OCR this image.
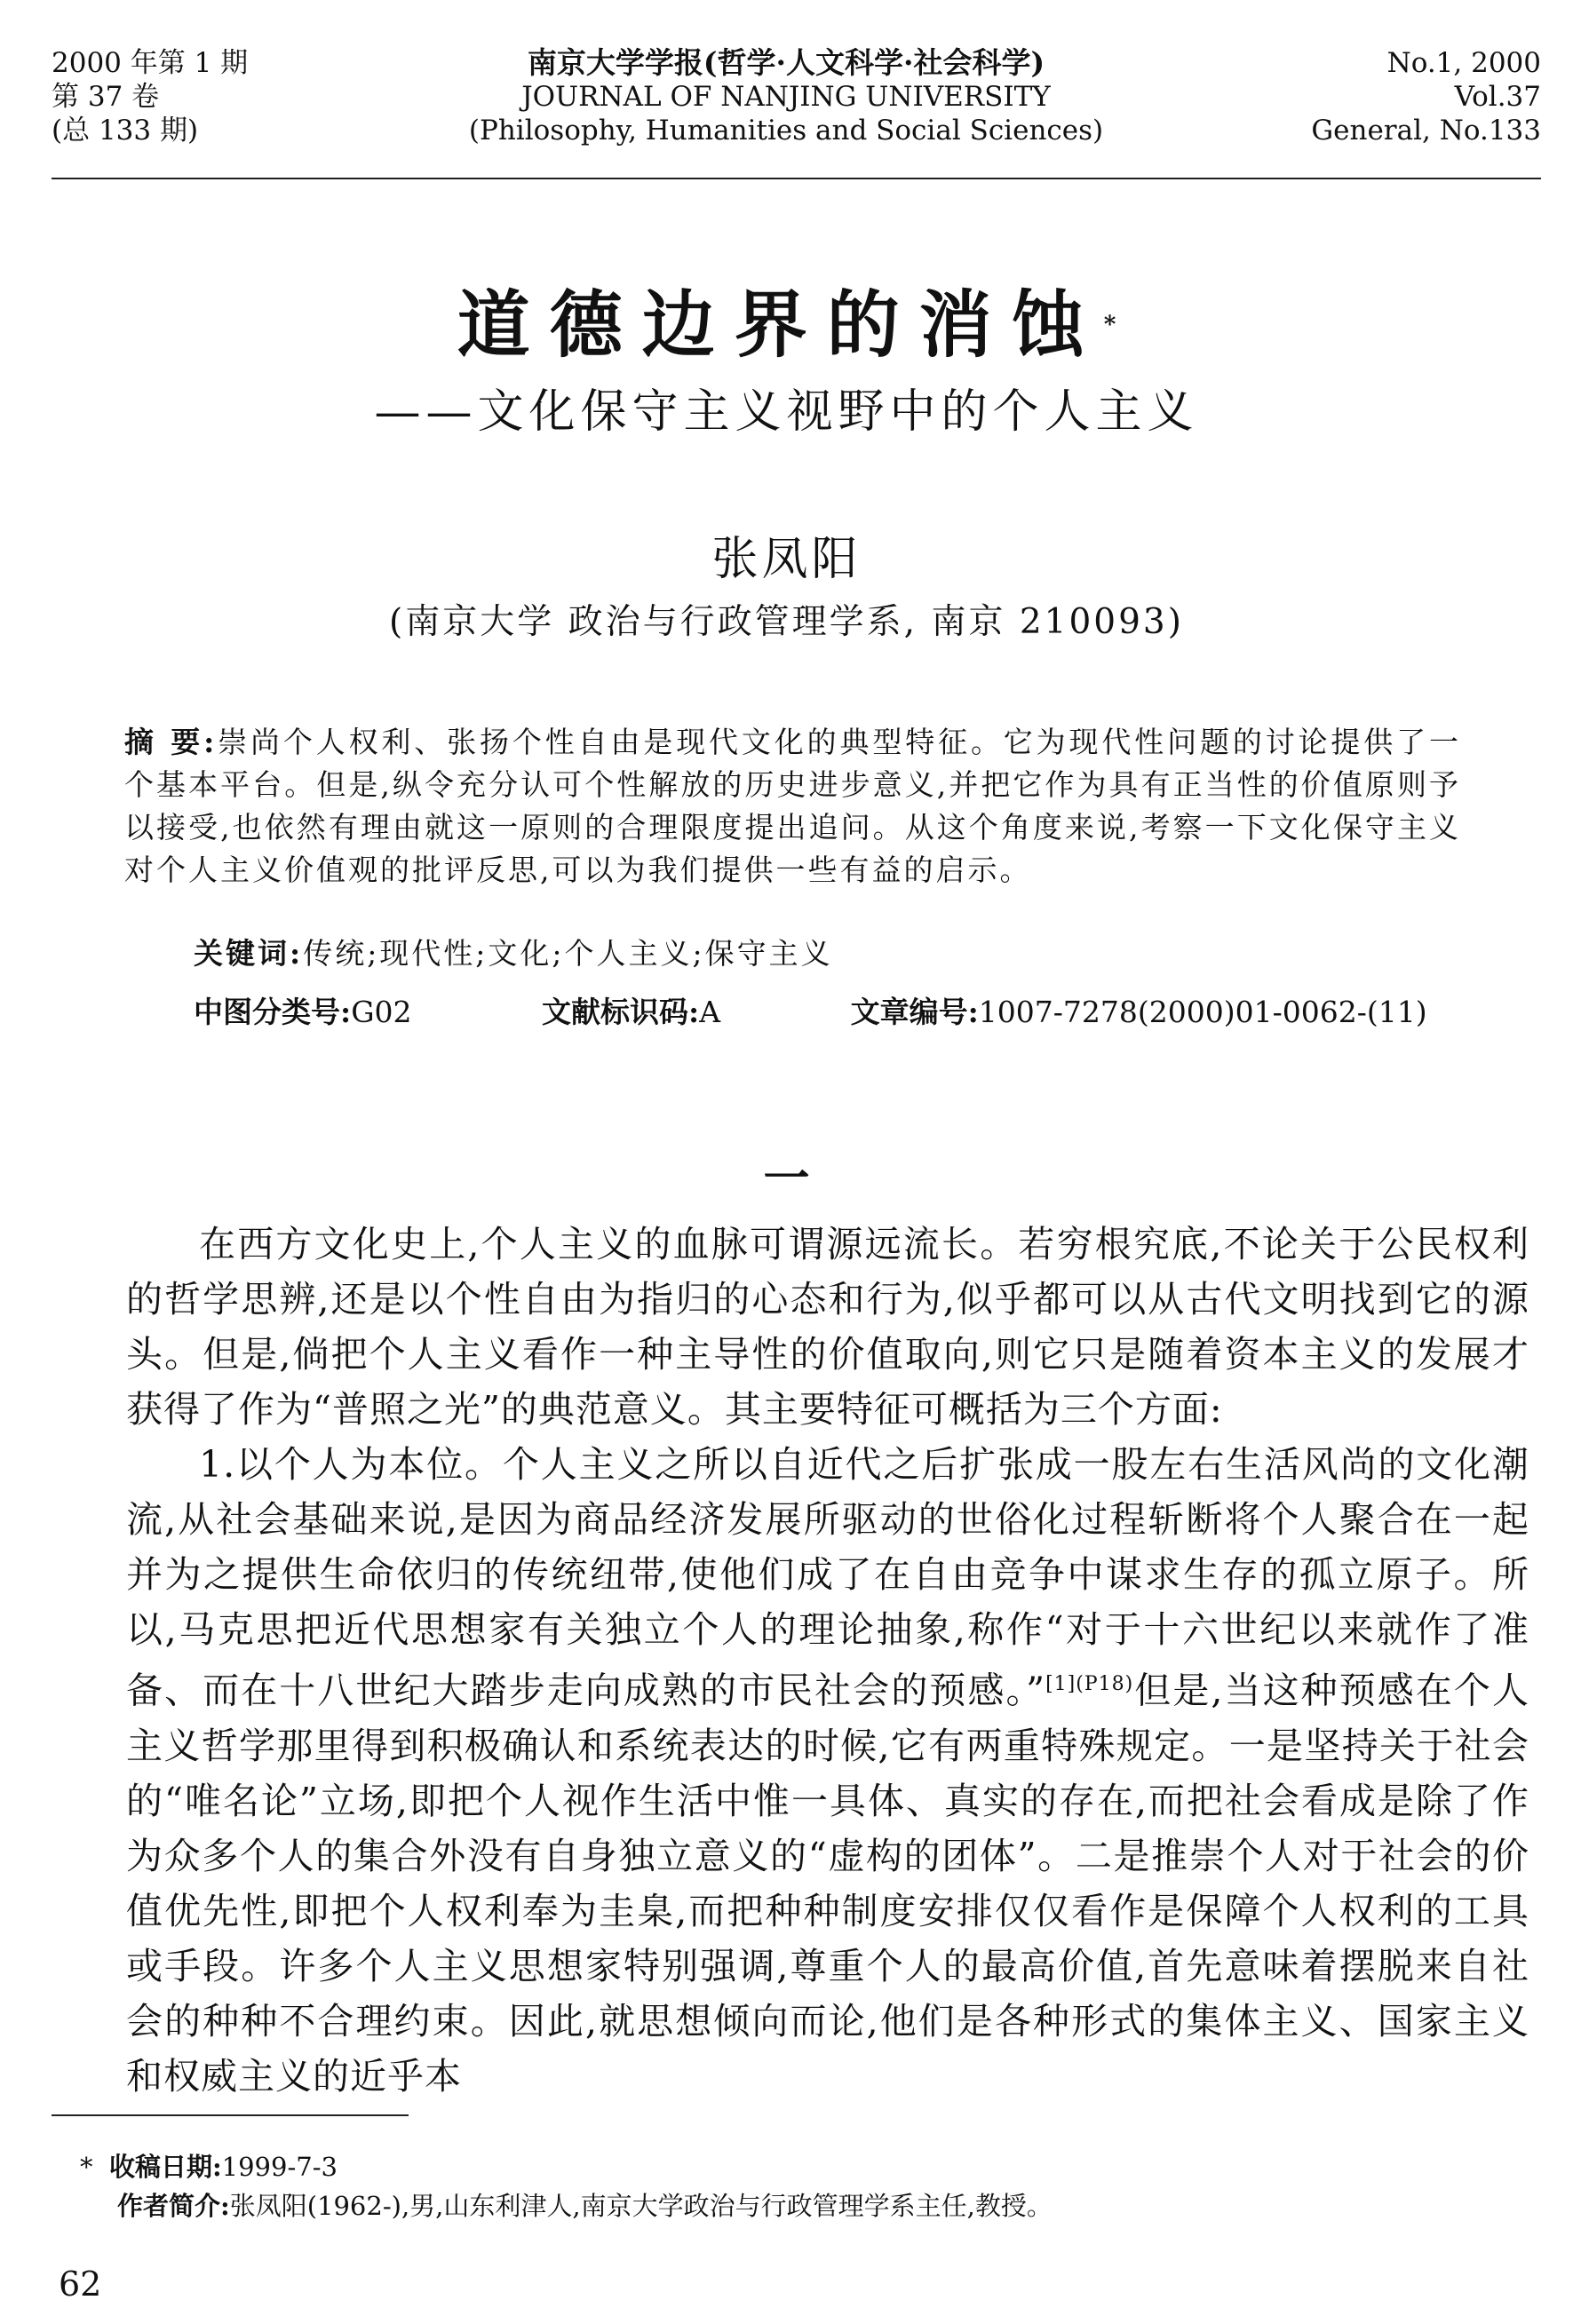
2000 年第 1 期
第 37 卷
(总 133 期)
南京大学学报(哲学·人文科学·社会科学)
JOURNAL OF NANJING UNIVERSITY
(Philosophy, Humanities and Social Sciences)
No.1, 2000
Vol.37
General, No.133
道德边界的消蚀*
——文化保守主义视野中的个人主义
张凤阳
(南京大学 政治与行政管理学系, 南京 210093)
摘 要:崇尚个人权利、张扬个性自由是现代文化的典型特征。它为现代性问题的讨论提供了一个基本平台。但是,纵令充分认可个性解放的历史进步意义,并把它作为具有正当性的价值原则予以接受,也依然有理由就这一原则的合理限度提出追问。从这个角度来说,考察一下文化保守主义对个人主义价值观的批评反思,可以为我们提供一些有益的启示。
关键词:传统;现代性;文化;个人主义;保守主义
中图分类号:G02	文献标识码:A	文章编号:1007-7278(2000)01-0062-(11)
一

在西方文化史上,个人主义的血脉可谓源远流长。若穷根究底,不论关于公民权利的哲学思辨,还是以个性自由为指归的心态和行为,似乎都可以从古代文明找到它的源头。但是,倘把个人主义看作一种主导性的价值取向,则它只是随着资本主义的发展才获得了作为“普照之光”的典范意义。其主要特征可概括为三个方面:

1.以个人为本位。个人主义之所以自近代之后扩张成一股左右生活风尚的文化潮流,从社会基础来说,是因为商品经济发展所驱动的世俗化过程斩断将个人聚合在一起并为之提供生命依归的传统纽带,使他们成了在自由竞争中谋求生存的孤立原子。所以,马克思把近代思想家有关独立个人的理论抽象,称作“对于十六世纪以来就作了准备、而在十八世纪大踏步走向成熟的市民社会的预感。”$^{[1](P18)}$但是,当这种预感在个人主义哲学那里得到积极确认和系统表达的时候,它有两重特殊规定。一是坚持关于社会的“唯名论”立场,即把个人视作生活中惟一具体、真实的存在,而把社会看成是除了作为众多个人的集合外没有自身独立意义的“虚构的团体”。二是推崇个人对于社会的价值优先性,即把个人权利奉为圭臬,而把种种制度安排仅仅看作是保障个人权利的工具或手段。许多个人主义思想家特别强调,尊重个人的最高价值,首先意味着摆脱来自社会的种种不合理约束。因此,就思想倾向而论,他们是各种形式的集体主义、国家主义和权威主义的近乎本

* 收稿日期:1999-7-3
作者简介:张凤阳(1962-),男,山东利津人,南京大学政治与行政管理学系主任,教授。
62
